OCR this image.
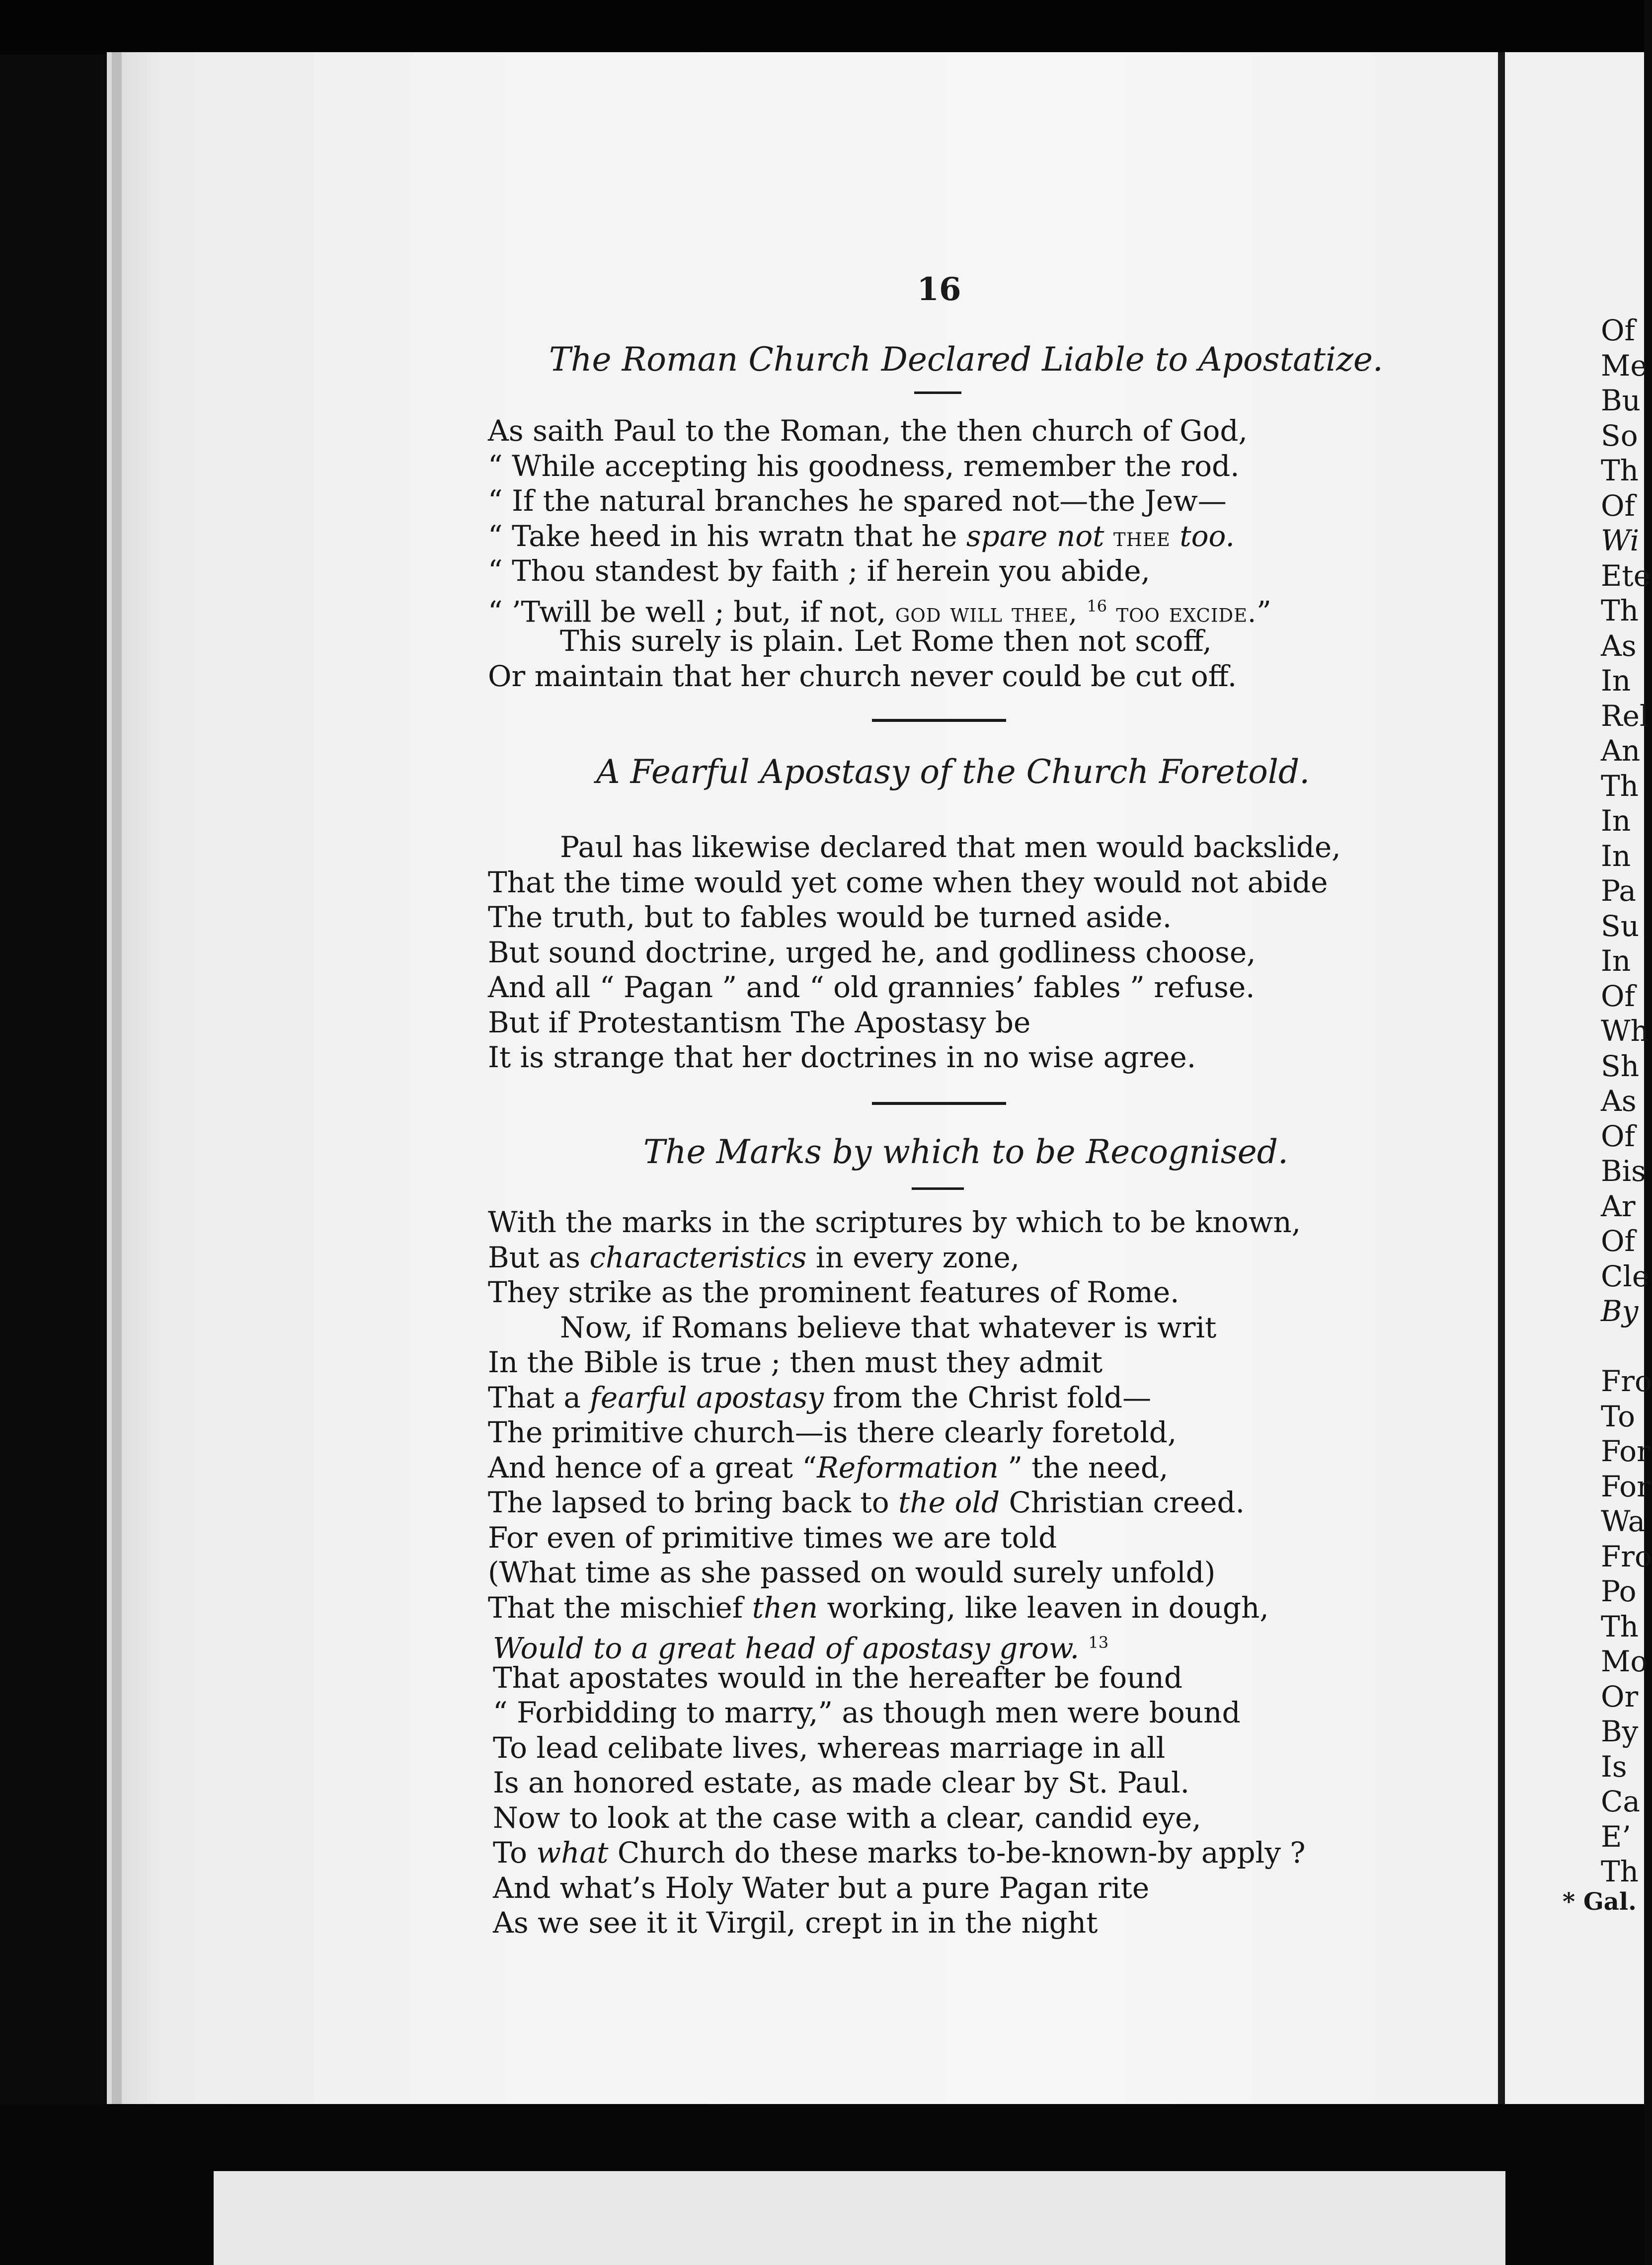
16
The Roman Church Declared Liable to Apostatize.
As saith Paul to the Roman, the then church of God,
“ While accepting his goodness, remember the rod.
“ If the natural branches he spared not—the Jew—
“ Take heed in his wratn that he spare not thee too.
“ Thou standest by faith ; if herein you abide,
“ ’Twill be well ; but, if not, god will thee, $^{16}$ too excide.”
This surely is plain. Let Rome then not scoff,
Or maintain that her church never could be cut off.
A Fearful Apostasy of the Church Foretold.
Paul has likewise declared that men would backslide,
That the time would yet come when they would not abide
The truth, but to fables would be turned aside.
But sound doctrine, urged he, and godliness choose,
And all “ Pagan ” and “ old grannies’ fables ” refuse.
But if Protestantism The Apostasy be
It is strange that her doctrines in no wise agree.
The Marks by which to be Recognised.
With the marks in the scriptures by which to be known,
But as characteristics in every zone,
They strike as the prominent features of Rome.
Now, if Romans believe that whatever is writ
In the Bible is true ; then must they admit
That a fearful apostasy from the Christ fold—
The primitive church—is there clearly foretold,
And hence of a great “Reformation ” the need,
The lapsed to bring back to the old Christian creed.
For even of primitive times we are told
(What time as she passed on would surely unfold)
That the mischief then working, like leaven in dough,
Would to a great head of apostasy grow. $^{13}$
That apostates would in the hereafter be found
“ Forbidding to marry,” as though men were bound
To lead celibate lives, whereas marriage in all
Is an honored estate, as made clear by St. Paul.
Now to look at the case with a clear, candid eye,
To what Church do these marks to-be-known-by apply ?
And what’s Holy Water but a pure Pagan rite
As we see it it Virgil, crept in in the night
Of
Me
Bu
So
Th
Of
Wi
Ete
Th
As
In
Rel
An
Th
In
In
Pa
Su
In
Of
Wh
Sh
As
Of
Bis
Ar
Of
Cle
By
Fro
To
For
For
Wa
Fro
Po
Th
Mo
Or
By
Is
Ca
E’
Th
* Gal.
